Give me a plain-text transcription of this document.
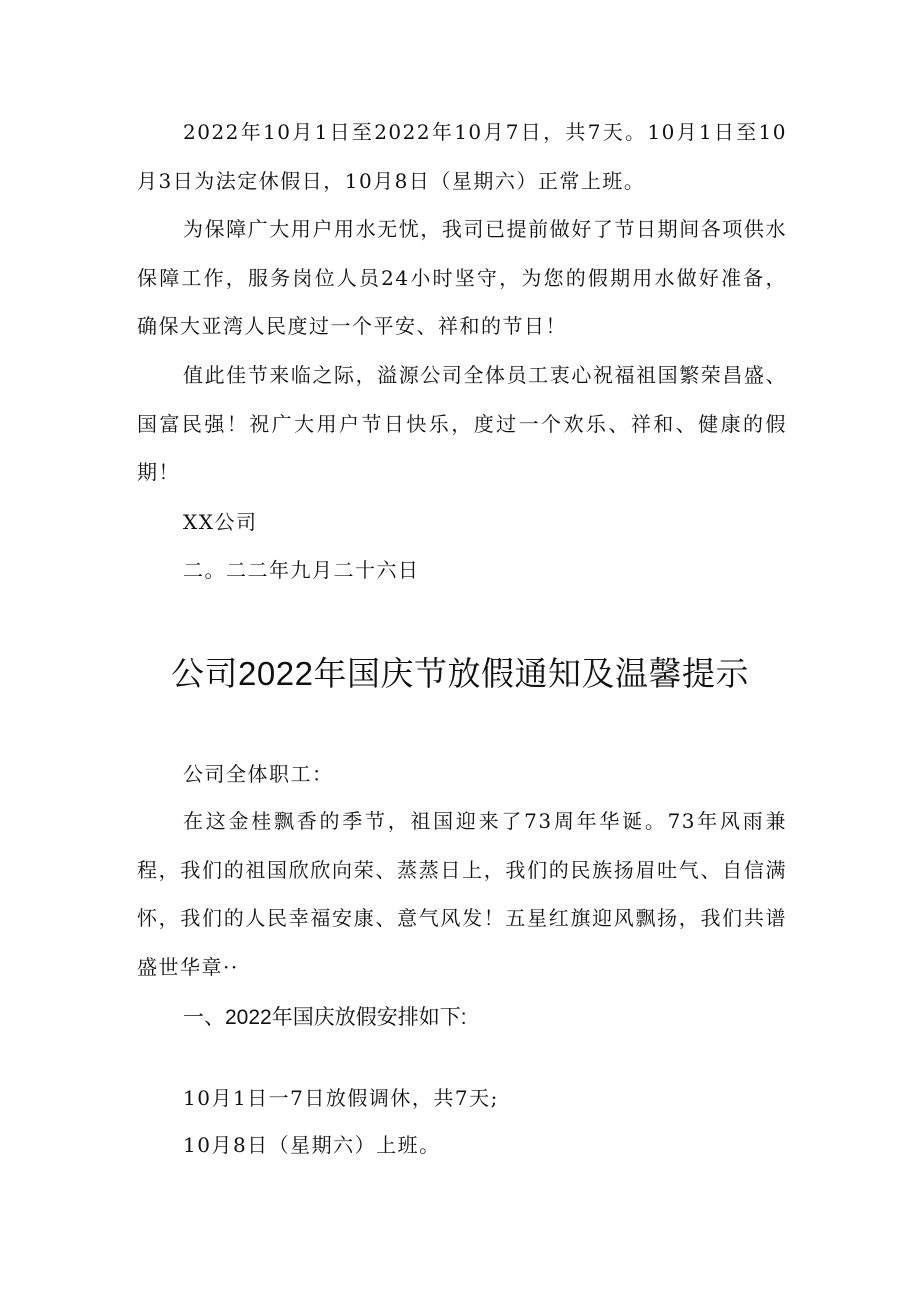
2022年10月1日至2022年10月7日，共7天。10月1日至10月3日为法定休假日，10月8日（星期六）正常上班。

为保障广大用户用水无忧，我司已提前做好了节日期间各项供水保障工作，服务岗位人员24小时坚守，为您的假期用水做好准备，确保大亚湾人民度过一个平安、祥和的节日！

值此佳节来临之际，溢源公司全体员工衷心祝福祖国繁荣昌盛、国富民强！祝广大用户节日快乐，度过一个欢乐、祥和、健康的假期！

XX公司

二。二二年九月二十六日

公司2022年国庆节放假通知及温馨提示

公司全体职工：

在这金桂飘香的季节，祖国迎来了73周年华诞。73年风雨兼程，我们的祖国欣欣向荣、蒸蒸日上，我们的民族扬眉吐气、自信满怀，我们的人民幸福安康、意气风发！五星红旗迎风飘扬，我们共谱盛世华章··

一、2022年国庆放假安排如下:

10月1日一7日放假调休，共7天;

10月8日（星期六）上班。
